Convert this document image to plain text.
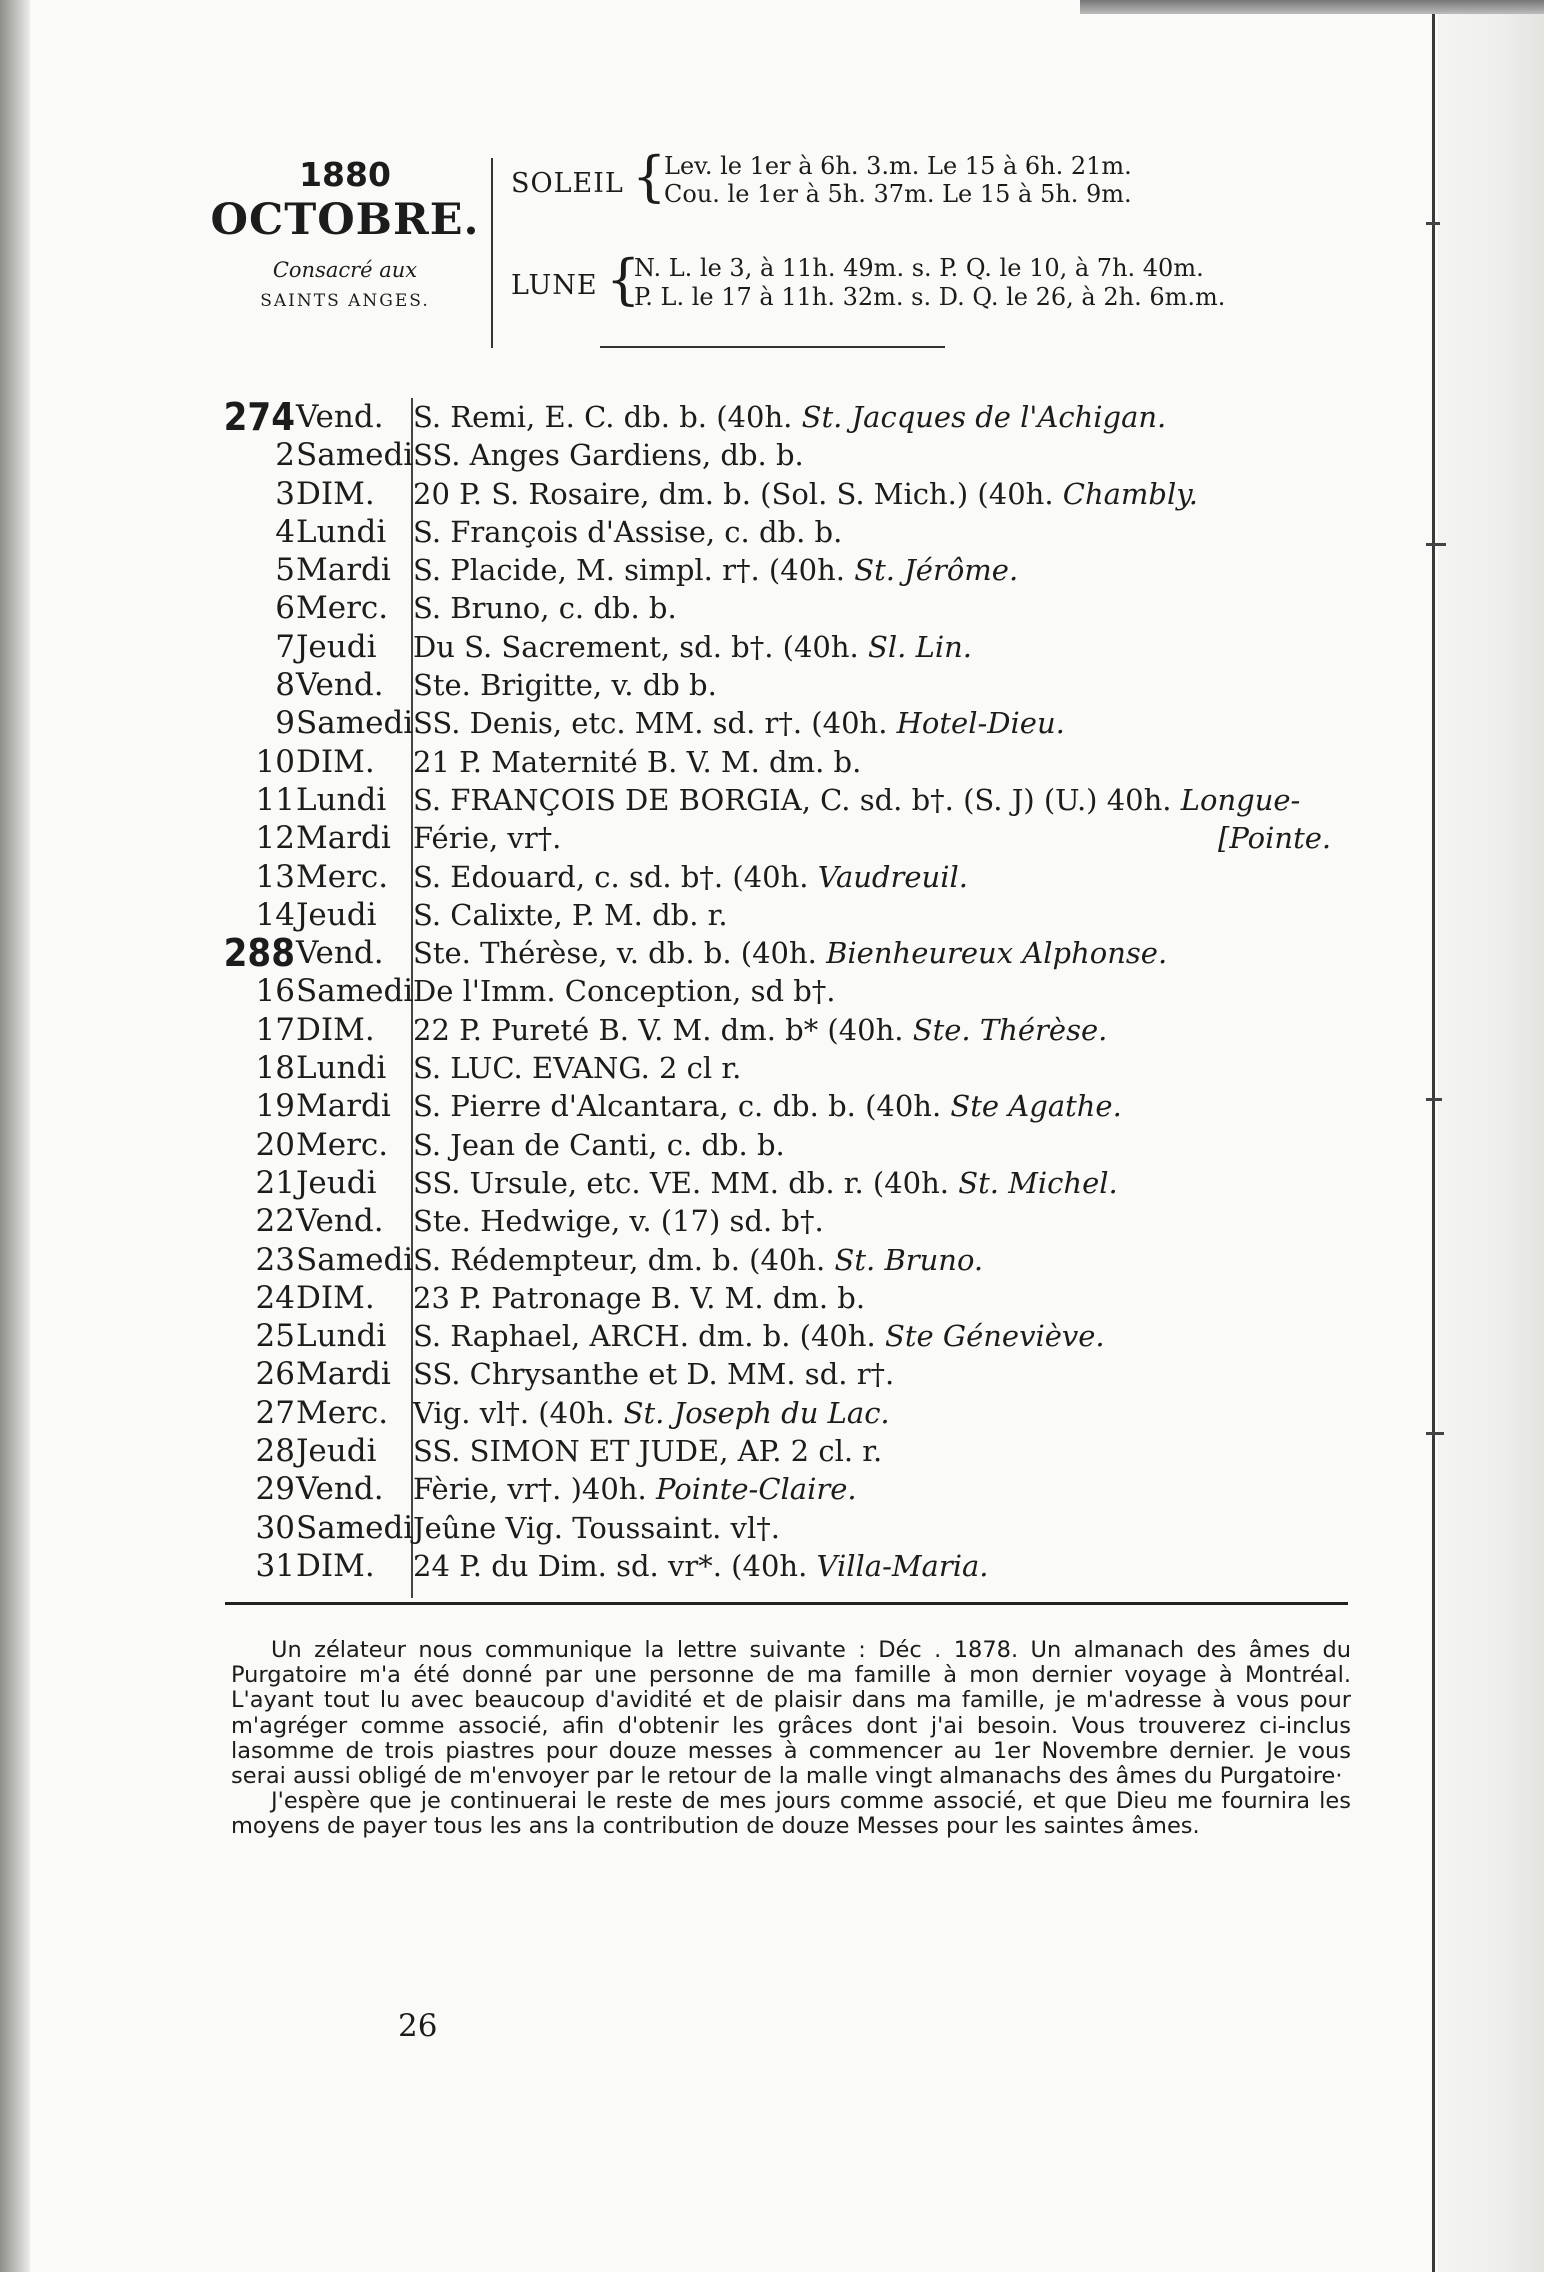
1880
OCTOBRE.
Consacré aux
SAINTS ANGES.
SOLEIL {
Lev. le 1er à 6h. 3.m. Le 15 à 6h. 21m.
Cou. le 1er à 5h. 37m. Le 15 à 5h. 9m.
LUNE {
N. L. le 3, à 11h. 49m. s. P. Q. le 10, à 7h. 40m.
P. L. le 17 à 11h. 32m. s. D. Q. le 26, à 2h. 6m.m.
274 Vend. S. Remi, E. C. db. b. (40h. St. Jacques de l'Achigan.
2 Samedi SS. Anges Gardiens, db. b.
3 DIM. 20 P. S. Rosaire, dm. b. (Sol. S. Mich.) (40h. Chambly.
4 Lundi S. François d'Assise, c. db. b.
5 Mardi S. Placide, M. simpl. r†. (40h. St. Jérôme.
6 Merc. S. Bruno, c. db. b.
7 Jeudi Du S. Sacrement, sd. b†. (40h. Sl. Lin.
8 Vend. Ste. Brigitte, v. db b.
9 Samedi SS. Denis, etc. MM. sd. r†. (40h. Hotel-Dieu.
10 DIM. 21 P. Maternité B. V. M. dm. b.
11 Lundi S. FRANÇOIS DE BORGIA, C. sd. b†. (S. J) (U.) 40h. Longue-
12 Mardi Férie, vr†.
13 Merc. S. Edouard, c. sd. b†. (40h. Vaudreuil.
14 Jeudi S. Calixte, P. M. db. r.
288 Vend. Ste. Thérèse, v. db. b. (40h. Bienheureux Alphonse.
16 Samedi De l'Imm. Conception, sd b†.
17 DIM. 22 P. Pureté B. V. M. dm. b* (40h. Ste. Thérèse.
18 Lundi S. LUC. EVANG. 2 cl r.
19 Mardi S. Pierre d'Alcantara, c. db. b. (40h. Ste Agathe.
20 Merc. S. Jean de Canti, c. db. b.
21 Jeudi SS. Ursule, etc. VE. MM. db. r. (40h. St. Michel.
22 Vend. Ste. Hedwige, v. (17) sd. b†.
23 Samedi S. Rédempteur, dm. b. (40h. St. Bruno.
24 DIM. 23 P. Patronage B. V. M. dm. b.
25 Lundi S. Raphael, ARCH. dm. b. (40h. Ste Géneviève.
26 Mardi SS. Chrysanthe et D. MM. sd. r†.
27 Merc. Vig. vl†. (40h. St. Joseph du Lac.
28 Jeudi SS. SIMON ET JUDE, AP. 2 cl. r.
29 Vend. Fèrie, vr†. )40h. Pointe-Claire.
30 Samedi Jeûne Vig. Toussaint. vl†.
31 DIM. 24 P. du Dim. sd. vr*. (40h. Villa-Maria.
[Pointe.

Un zélateur nous communique la lettre suivante : Déc . 1878. Un almanach des âmes du Purgatoire m'a été donné par une personne de ma famille à mon dernier voyage à Montréal. L'ayant tout lu avec beaucoup d'avidité et de plaisir dans ma famille, je m'adresse à vous pour m'agréger comme associé, afin d'obtenir les grâces dont j'ai besoin. Vous trouverez ci-inclus lasomme de trois piastres pour douze messes à commencer au 1er Novembre dernier. Je vous serai aussi obligé de m'envoyer par le retour de la malle vingt almanachs des âmes du Purgatoire·

J'espère que je continuerai le reste de mes jours comme associé, et que Dieu me fournira les moyens de payer tous les ans la contribution de douze Messes pour les saintes âmes.

26
